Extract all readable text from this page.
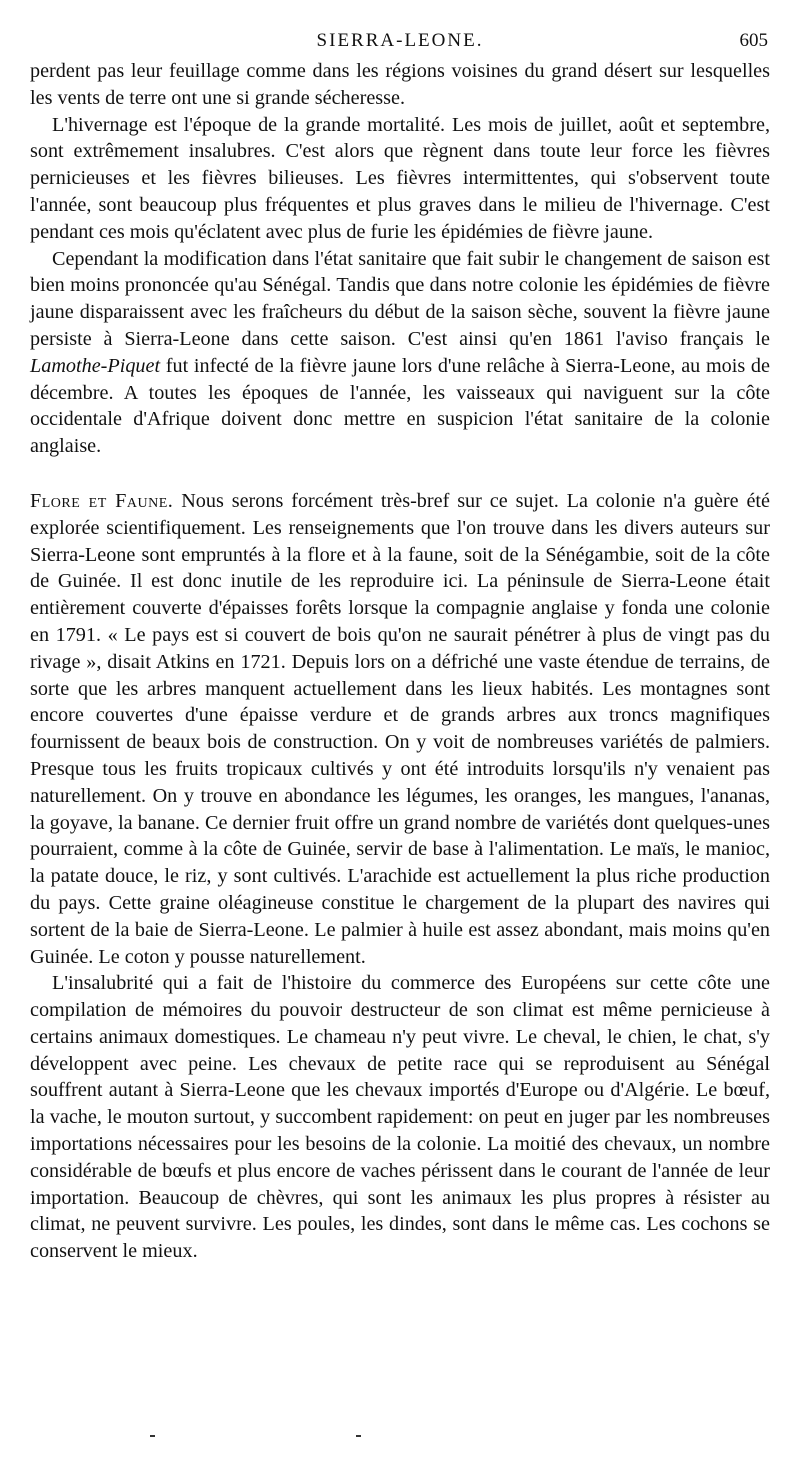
SIERRA-LEONE.	605

perdent pas leur feuillage comme dans les régions voisines du grand désert sur lesquelles les vents de terre ont une si grande sécheresse.

L'hivernage est l'époque de la grande mortalité. Les mois de juillet, août et septembre, sont extrêmement insalubres. C'est alors que règnent dans toute leur force les fièvres pernicieuses et les fièvres bilieuses. Les fièvres intermittentes, qui s'observent toute l'année, sont beaucoup plus fréquentes et plus graves dans le milieu de l'hivernage. C'est pendant ces mois qu'éclatent avec plus de furie les épidémies de fièvre jaune.

Cependant la modification dans l'état sanitaire que fait subir le changement de saison est bien moins prononcée qu'au Sénégal. Tandis que dans notre colonie les épidémies de fièvre jaune disparaissent avec les fraîcheurs du début de la saison sèche, souvent la fièvre jaune persiste à Sierra-Leone dans cette saison. C'est ainsi qu'en 1861 l'aviso français le Lamothe-Piquet fut infecté de la fièvre jaune lors d'une relâche à Sierra-Leone, au mois de décembre. A toutes les époques de l'année, les vaisseaux qui naviguent sur la côte occidentale d'Afrique doivent donc mettre en suspicion l'état sanitaire de la colonie anglaise.

Flore et Faune. Nous serons forcément très-bref sur ce sujet. La colonie n'a guère été explorée scientifiquement. Les renseignements que l'on trouve dans les divers auteurs sur Sierra-Leone sont empruntés à la flore et à la faune, soit de la Sénégambie, soit de la côte de Guinée. Il est donc inutile de les reproduire ici. La péninsule de Sierra-Leone était entièrement couverte d'épaisses forêts lorsque la compagnie anglaise y fonda une colonie en 1791. « Le pays est si couvert de bois qu'on ne saurait pénétrer à plus de vingt pas du rivage », disait Atkins en 1721. Depuis lors on a défriché une vaste étendue de terrains, de sorte que les arbres manquent actuellement dans les lieux habités. Les montagnes sont encore couvertes d'une épaisse verdure et de grands arbres aux troncs magnifiques fournissent de beaux bois de construction. On y voit de nombreuses variétés de palmiers. Presque tous les fruits tropicaux cultivés y ont été introduits lorsqu'ils n'y venaient pas naturellement. On y trouve en abondance les légumes, les oranges, les mangues, l'ananas, la goyave, la banane. Ce dernier fruit offre un grand nombre de variétés dont quelques-unes pourraient, comme à la côte de Guinée, servir de base à l'alimentation. Le maïs, le manioc, la patate douce, le riz, y sont cultivés. L'arachide est actuellement la plus riche production du pays. Cette graine oléagineuse constitue le chargement de la plupart des navires qui sortent de la baie de Sierra-Leone. Le palmier à huile est assez abondant, mais moins qu'en Guinée. Le coton y pousse naturellement.

L'insalubrité qui a fait de l'histoire du commerce des Européens sur cette côte une compilation de mémoires du pouvoir destructeur de son climat est même pernicieuse à certains animaux domestiques. Le chameau n'y peut vivre. Le cheval, le chien, le chat, s'y développent avec peine. Les chevaux de petite race qui se reproduisent au Sénégal souffrent autant à Sierra-Leone que les chevaux importés d'Europe ou d'Algérie. Le bœuf, la vache, le mouton surtout, y succombent rapidement: on peut en juger par les nombreuses importations nécessaires pour les besoins de la colonie. La moitié des chevaux, un nombre considérable de bœufs et plus encore de vaches périssent dans le courant de l'année de leur importation. Beaucoup de chèvres, qui sont les animaux les plus propres à résister au climat, ne peuvent survivre. Les poules, les dindes, sont dans le même cas. Les cochons se conservent le mieux.
